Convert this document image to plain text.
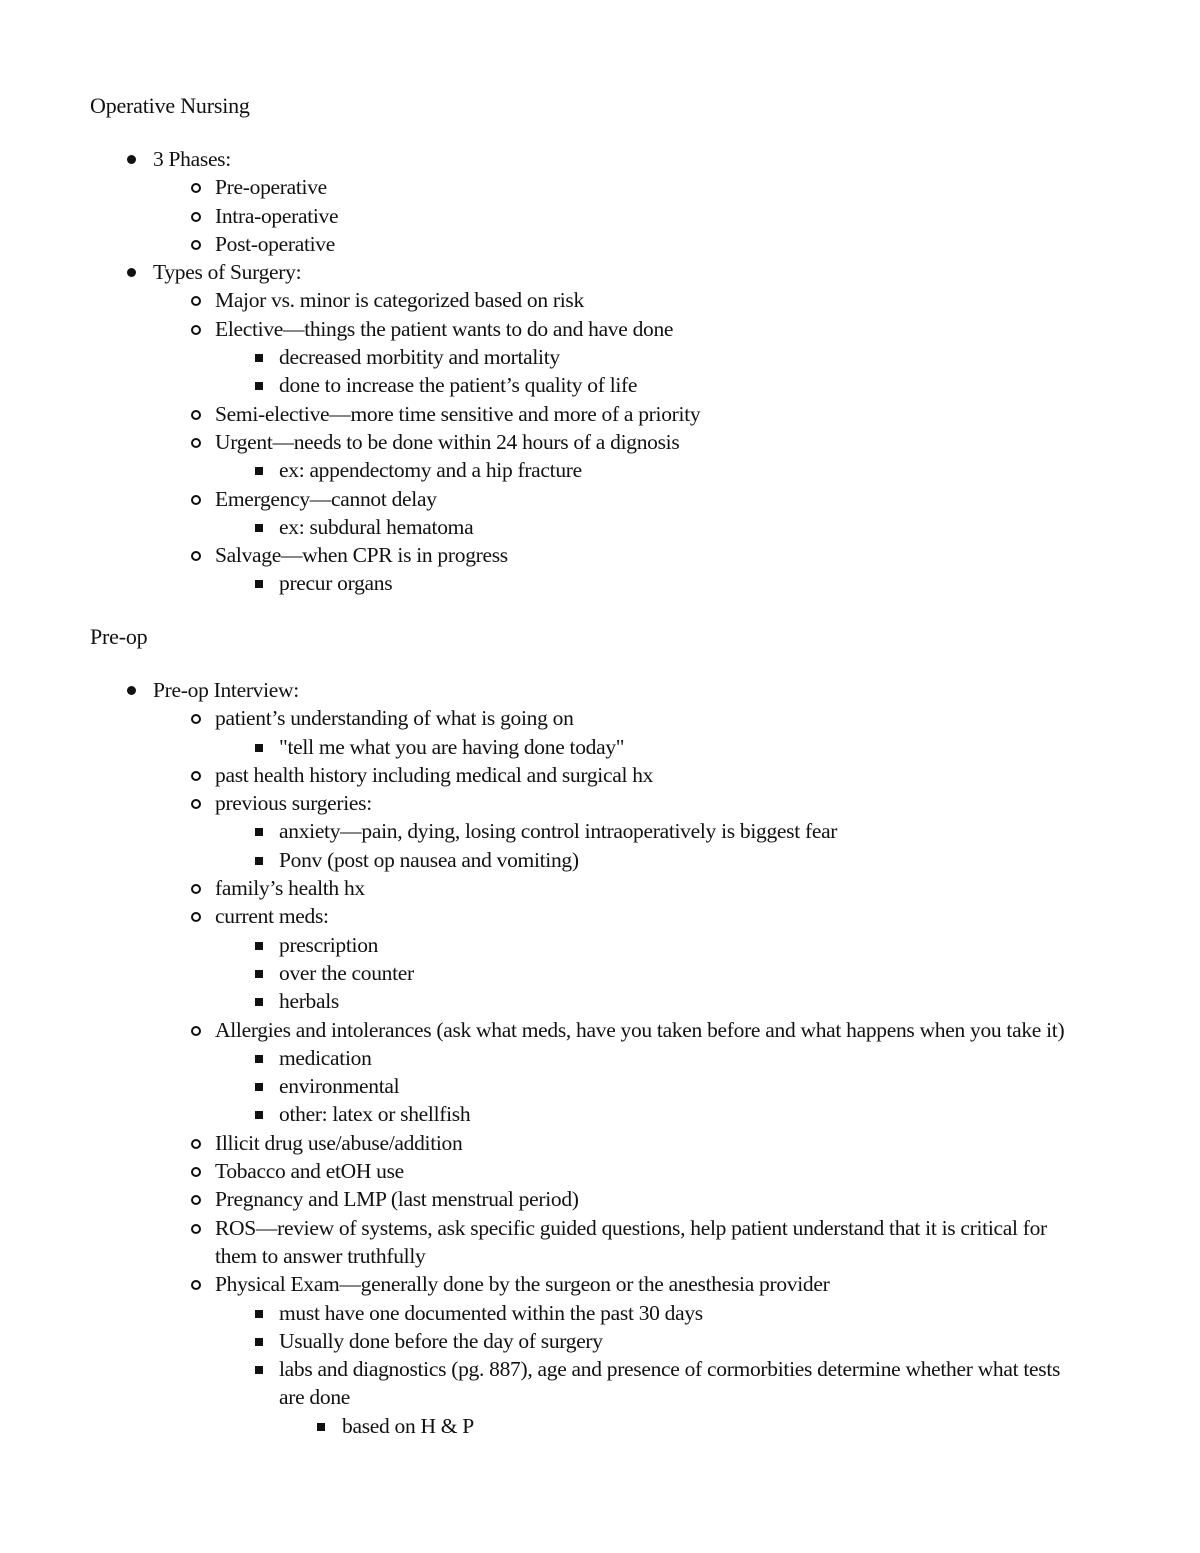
Operative Nursing
3 Phases:
Pre-operative
Intra-operative
Post-operative
Types of Surgery:
Major vs. minor is categorized based on risk
Elective—things the patient wants to do and have done
decreased morbitity and mortality
done to increase the patient’s quality of life
Semi-elective—more time sensitive and more of a priority
Urgent—needs to be done within 24 hours of a dignosis
ex: appendectomy and a hip fracture
Emergency—cannot delay
ex: subdural hematoma
Salvage—when CPR is in progress
precur organs
Pre-op
Pre-op Interview:
patient’s understanding of what is going on
"tell me what you are having done today"
past health history including medical and surgical hx
previous surgeries:
anxiety—pain, dying, losing control intraoperatively is biggest fear
Ponv (post op nausea and vomiting)
family’s health hx
current meds:
prescription
over the counter
herbals
Allergies and intolerances (ask what meds, have you taken before and what happens when you take it)
medication
environmental
other: latex or shellfish
Illicit drug use/abuse/addition
Tobacco and etOH use
Pregnancy and LMP (last menstrual period)
ROS—review of systems, ask specific guided questions, help patient understand that it is critical for them to answer truthfully
Physical Exam—generally done by the surgeon or the anesthesia provider
must have one documented within the past 30 days
Usually done before the day of surgery
labs and diagnostics (pg. 887), age and presence of cormorbities determine whether what tests are done
based on H & P
